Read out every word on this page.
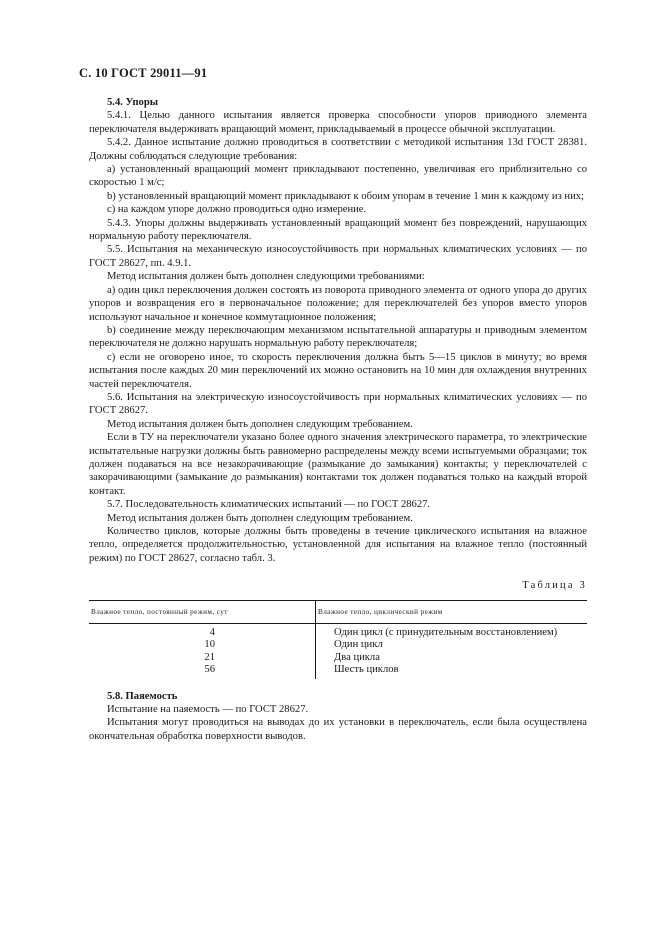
С. 10 ГОСТ 29011—91

5.4. Упоры

5.4.1. Целью данного испытания является проверка способности упоров приводного элемента переключателя выдерживать вращающий момент, прикладываемый в процессе обычной эксплуатации.

5.4.2. Данное испытание должно проводиться в соответствии с методикой испытания 13d ГОСТ 28381. Должны соблюдаться следующие требования:

а) установленный вращающий момент прикладывают постепенно, увеличивая его приблизительно со скоростью 1 м/с;

b) установленный вращающий момент прикладывают к обоим упорам в течение 1 мин к каждому из них;

с) на каждом упоре должно проводиться одно измерение.

5.4.3. Упоры должны выдерживать установленный вращающий момент без повреждений, нарушающих нормальную работу переключателя.

5.5. Испытания на механическую износоустойчивость при нормальных климатических условиях — по ГОСТ 28627, пп. 4.9.1.

Метод испытания должен быть дополнен следующими требованиями:

а) один цикл переключения должен состоять из поворота приводного элемента от одного упора до других упоров и возвращения его в первоначальное положение; для переключателей без упоров вместо упоров используют начальное и конечное коммутационное положения;

b) соединение между переключающим механизмом испытательной аппаратуры и приводным элементом переключателя не должно нарушать нормальную работу переключателя;

с) если не оговорено иное, то скорость переключения должна быть 5—15 циклов в минуту; во время испытания после каждых 20 мин переключений их можно остановить на 10 мин для охлаждения внутренних частей переключателя.

5.6. Испытания на электрическую износоустойчивость при нормальных климатических условиях — по ГОСТ 28627.

Метод испытания должен быть дополнен следующим требованием.

Если в ТУ на переключатели указано более одного значения электрического параметра, то электрические испытательные нагрузки должны быть равномерно распределены между всеми испытуемыми образцами; ток должен подаваться на все незакорачивающие (размыкание до замыкания) контакты; у переключателей с закорачивающими (замыкание до размыкания) контактами ток должен подаваться только на каждый второй контакт.

5.7. Последовательность климатических испытаний — по ГОСТ 28627.

Метод испытания должен быть дополнен следующим требованием.

Количество циклов, которые должны быть проведены в течение циклического испытания на влажное тепло, определяется продолжительностью, установленной для испытания на влажное тепло (постоянный режим) по ГОСТ 28627, согласно табл. 3.

Таблица 3
Влажное тепло, постоянный режим, сут	Влажное тепло, циклический режим
4	Один цикл (с принудительным восстановлением)
10	Один цикл
21	Два цикла
56	Шесть циклов

5.8. Паяемость

Испытание на паяемость — по ГОСТ 28627.

Испытания могут проводиться на выводах до их установки в переключатель, если была осуществлена окончательная обработка поверхности выводов.
